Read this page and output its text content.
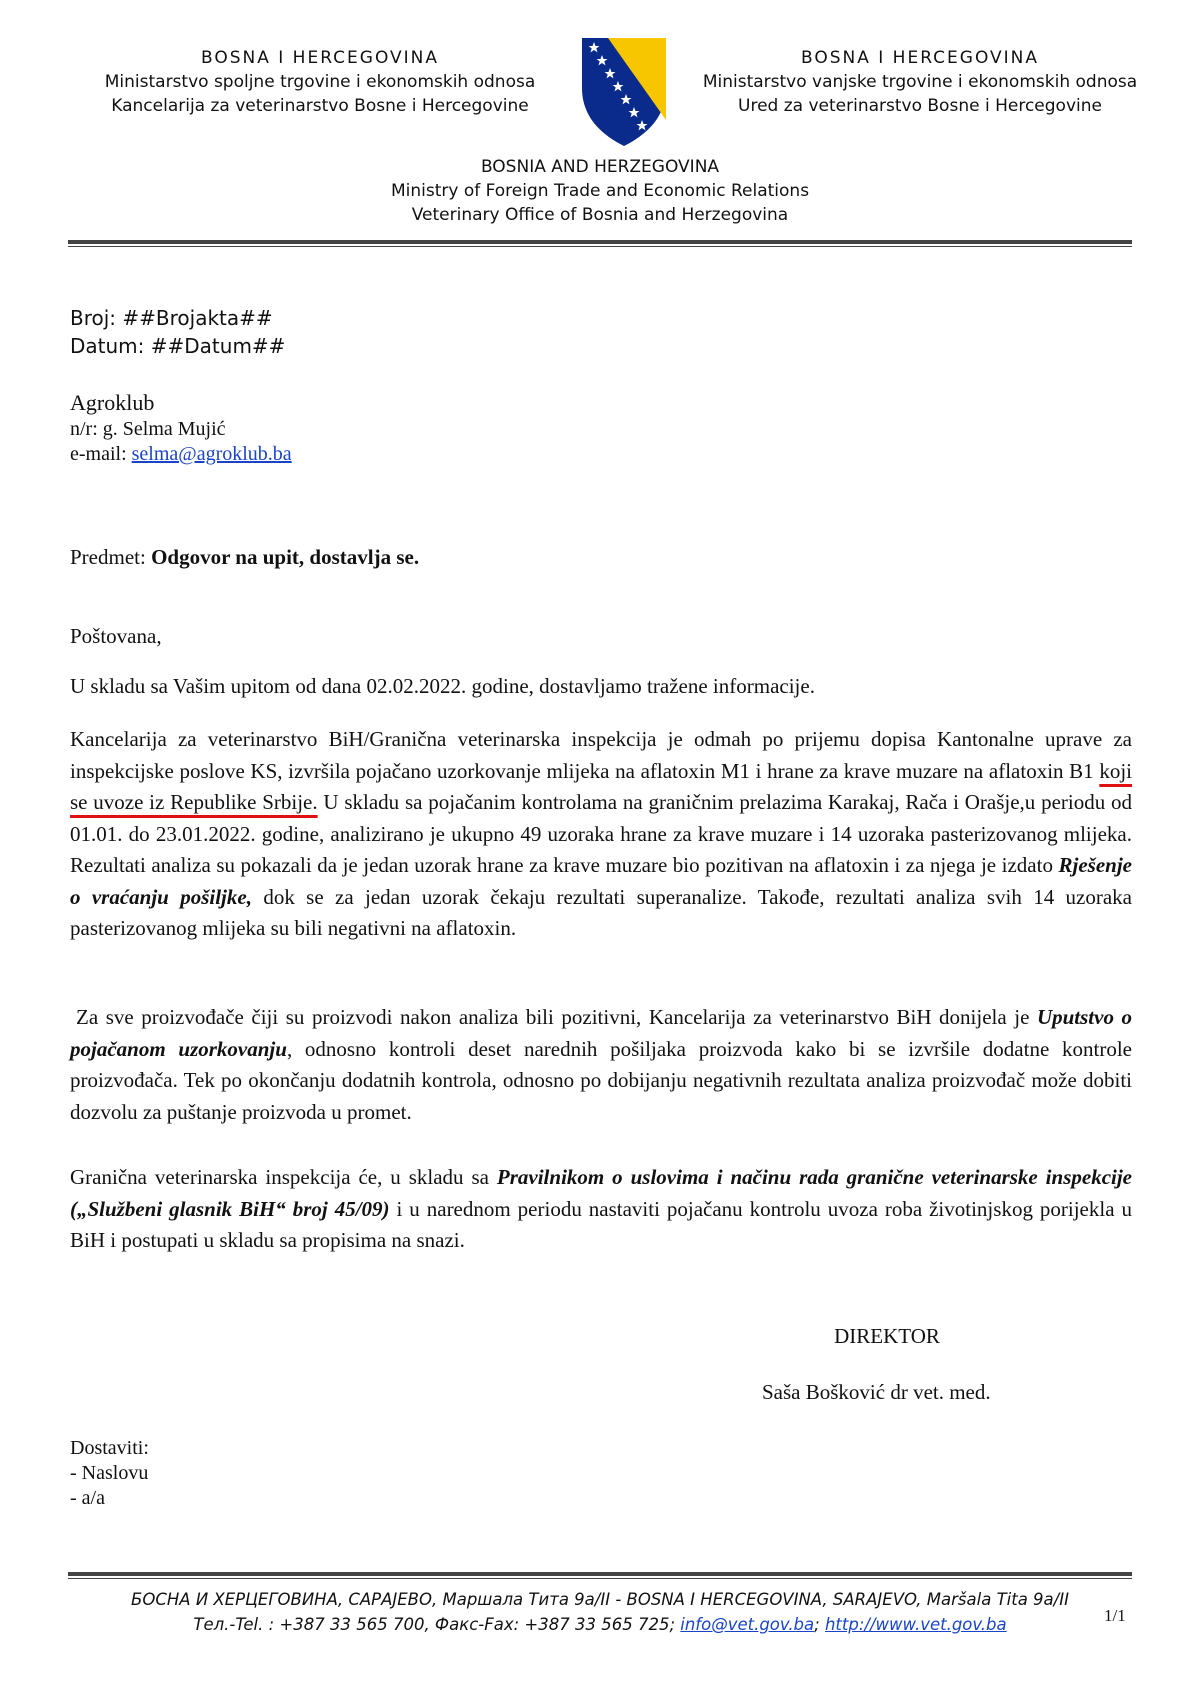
BOSNA I HERCEGOVINA
Ministarstvo spoljne trgovine i ekonomskih odnosa
Kancelarija za veterinarstvo Bosne i Hercegovine
BOSNA I HERCEGOVINA
Ministarstvo vanjske trgovine i ekonomskih odnosa
Ured za veterinarstvo Bosne i Hercegovine
BOSNIA AND HERZEGOVINA
Ministry of Foreign Trade and Economic Relations
Veterinary Office of Bosnia and Herzegovina
Broj: ##Brojakta##
Datum: ##Datum##
Agroklub
n/r: g. Selma Mujić
e-mail: selma@agroklub.ba
Predmet: Odgovor na upit, dostavlja se.
Poštovana,
U skladu sa Vašim upitom od dana 02.02.2022. godine, dostavljamo tražene informacije.
Kancelarija za veterinarstvo BiH/Granična veterinarska inspekcija je odmah po prijemu dopisa Kantonalne uprave za inspekcijske poslove KS, izvršila pojačano uzorkovanje mlijeka na aflatoxin M1 i hrane za krave muzare na aflatoxin B1 koji se uvoze iz Republike Srbije. U skladu sa pojačanim kontrolama na graničnim prelazima Karakaj, Rača i Orašje,u periodu od 01.01. do 23.01.2022. godine, analizirano je ukupno 49 uzoraka hrane za krave muzare i 14 uzoraka pasterizovanog mlijeka. Rezultati analiza su pokazali da je jedan uzorak hrane za krave muzare bio pozitivan na aflatoxin i za njega je izdato Rješenje o vraćanju pošiljke, dok se za jedan uzorak čekaju rezultati superanalize. Takođe, rezultati analiza svih 14 uzoraka pasterizovanog mlijeka su bili negativni na aflatoxin.
Za sve proizvođače čiji su proizvodi nakon analiza bili pozitivni, Kancelarija za veterinarstvo BiH donijela je Uputstvo o pojačanom uzorkovanju, odnosno kontroli deset narednih pošiljaka proizvoda kako bi se izvršile dodatne kontrole proizvođača. Tek po okončanju dodatnih kontrola, odnosno po dobijanju negativnih rezultata analiza proizvođač može dobiti dozvolu za puštanje proizvoda u promet.
Granična veterinarska inspekcija će, u skladu sa Pravilnikom o uslovima i načinu rada granične veterinarske inspekcije („Službeni glasnik BiH“ broj 45/09) i u narednom periodu nastaviti pojačanu kontrolu uvoza roba životinjskog porijekla u BiH i postupati u skladu sa propisima na snazi.
DIREKTOR
Saša Bošković dr vet. med.
Dostaviti:
- Naslovu
- a/a
БОСНА И ХЕРЦЕГОВИНА, САРАЈЕВО, Маршала Тита 9а/II - BOSNA I HERCEGOVINA, SARAJEVO, Maršala Tita 9a/II
Тел.-Tel. : +387 33 565 700, Факс-Fax: +387 33 565 725; info@vet.gov.ba; http://www.vet.gov.ba	1/1
